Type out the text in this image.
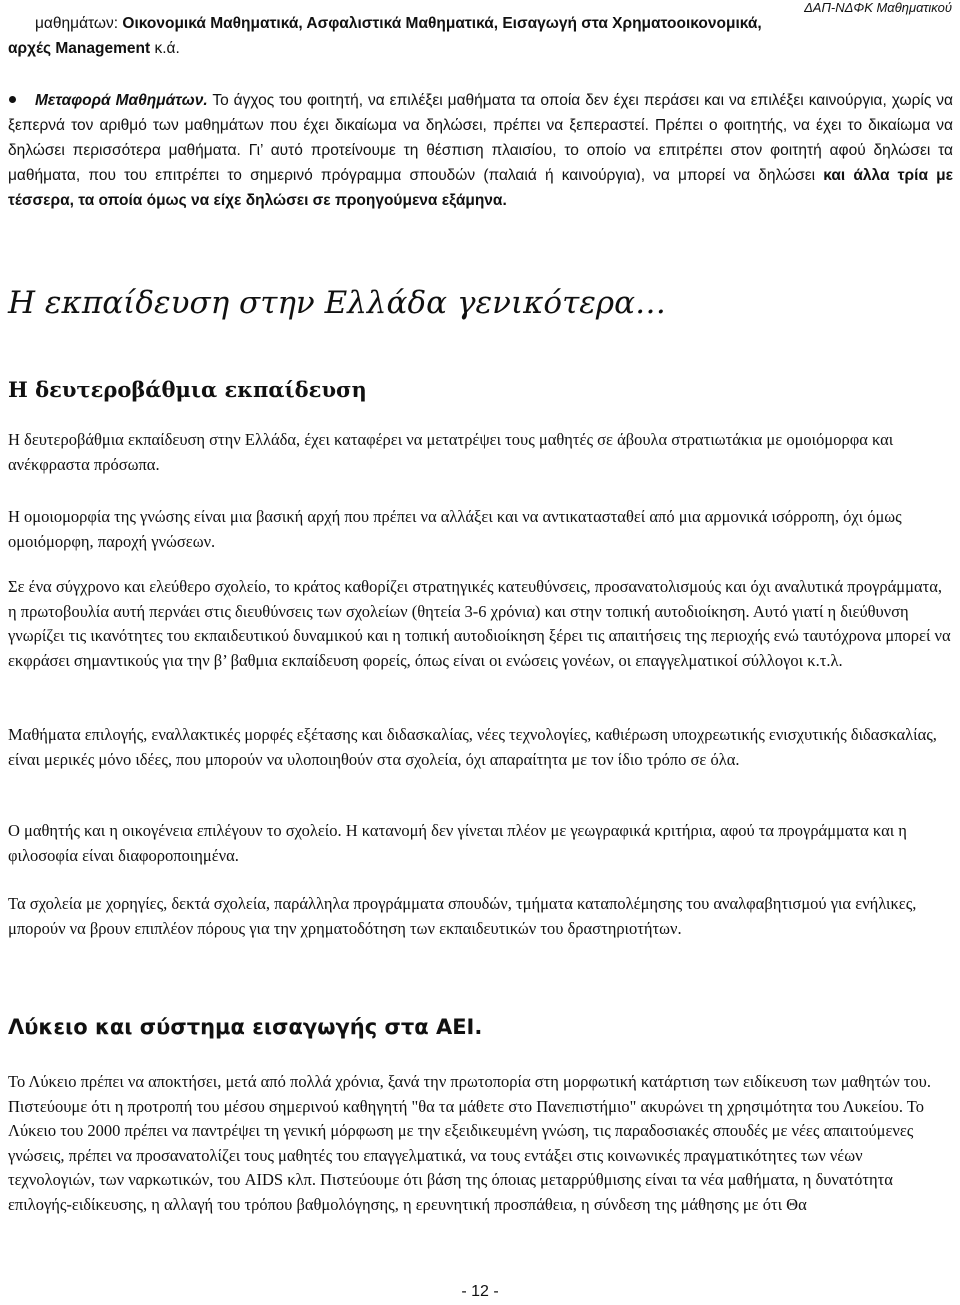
ΔΑΠ-ΝΔΦΚ Μαθηματικού
μαθημάτων: Οικονομικά Μαθηματικά, Ασφαλιστικά Μαθηματικά, Εισαγωγή στα Χρηματοοικονομικά,

αρχές Management κ.ά.
Μεταφορά Μαθημάτων. Το άγχος του φοιτητή, να επιλέξει μαθήματα τα οποία δεν έχει περάσει και να επιλέξει καινούργια, χωρίς να ξεπερνά τον αριθμό των μαθημάτων που έχει δικαίωμα να δηλώσει, πρέπει να ξεπεραστεί. Πρέπει ο φοιτητής, να έχει το δικαίωμα να δηλώσει περισσότερα μαθήματα. Γι’ αυτό προτείνουμε τη θέσπιση πλαισίου, το οποίο να επιτρέπει στον φοιτητή αφού δηλώσει τα μαθήματα, που του επιτρέπει το σημερινό πρόγραμμα σπουδών (παλαιά ή καινούργια), να μπορεί να δηλώσει και άλλα τρία με τέσσερα, τα οποία όμως να είχε δηλώσει σε προηγούμενα εξάμηνα.
Η εκπαίδευση στην Ελλάδα γενικότερα…
Η δευτεροβάθμια εκπαίδευση

Η δευτεροβάθμια εκπαίδευση στην Ελλάδα, έχει καταφέρει να μετατρέψει τους μαθητές σε άβουλα στρατιωτάκια με ομοιόμορφα και ανέκφραστα πρόσωπα.

Η ομοιομορφία της γνώσης είναι μια βασική αρχή που πρέπει να αλλάξει και να αντικατασταθεί από μια αρμονικά ισόρροπη, όχι όμως ομοιόμορφη, παροχή γνώσεων.

Σε ένα σύγχρονο και ελεύθερο σχολείο, το κράτος καθορίζει στρατηγικές κατευθύνσεις, προσανατολισμούς και όχι αναλυτικά προγράμματα, η πρωτοβουλία αυτή περνάει στις διευθύνσεις των σχολείων (θητεία 3-6 χρόνια) και στην τοπική αυτοδιοίκηση. Αυτό γιατί η διεύθυνση γνωρίζει τις ικανότητες του εκπαιδευτικού δυναμικού και η τοπική αυτοδιοίκηση ξέρει τις απαιτήσεις της περιοχής ενώ ταυτόχρονα μπορεί να εκφράσει σημαντικούς για την β’ βαθμια εκπαίδευση φορείς, όπως είναι οι ενώσεις γονέων, οι επαγγελματικοί σύλλογοι κ.τ.λ.

Μαθήματα επιλογής, εναλλακτικές μορφές εξέτασης και διδασκαλίας, νέες τεχνολογίες, καθιέρωση υποχρεωτικής ενισχυτικής διδασκαλίας, είναι μερικές μόνο ιδέες, που μπορούν να υλοποιηθούν στα σχολεία, όχι απαραίτητα με τον ίδιο τρόπο σε όλα.

Ο μαθητής και η οικογένεια επιλέγουν το σχολείο. Η κατανομή δεν γίνεται πλέον με γεωγραφικά κριτήρια, αφού τα προγράμματα και η φιλοσοφία είναι διαφοροποιημένα.

Τα σχολεία με χορηγίες, δεκτά σχολεία, παράλληλα προγράμματα σπουδών, τμήματα καταπολέμησης του αναλφαβητισμού για ενήλικες, μπορούν να βρουν επιπλέον πόρους για την χρηματοδότηση των εκπαιδευτικών του δραστηριοτήτων.

Λύκειο και σύστημα εισαγωγής στα ΑΕΙ.

Το Λύκειο πρέπει να αποκτήσει, μετά από πολλά χρόνια, ξανά την πρωτοπορία στη μορφωτική κατάρτιση των ειδίκευση των μαθητών του. Πιστεύουμε ότι η προτροπή του μέσου σημερινού καθηγητή "θα τα μάθετε στο Πανεπιστήμιο" ακυρώνει τη χρησιμότητα του Λυκείου. Το Λύκειο του 2000 πρέπει να παντρέψει τη γενική μόρφωση με την εξειδικευμένη γνώση, τις παραδοσιακές σπουδές με νέες απαιτούμενες γνώσεις, πρέπει να προσανατολίζει τους μαθητές του επαγγελματικά, να τους εντάξει στις κοινωνικές πραγματικότητες των νέων τεχνολογιών, των ναρκωτικών, του AIDS κλπ. Πιστεύουμε ότι βάση της όποιας μεταρρύθμισης είναι τα νέα μαθήματα, η δυνατότητα επιλογής-ειδίκευσης, η αλλαγή του τρόπου βαθμολόγησης, η ερευνητική προσπάθεια, η σύνδεση της μάθησης με ότι Θα

- 12 -
